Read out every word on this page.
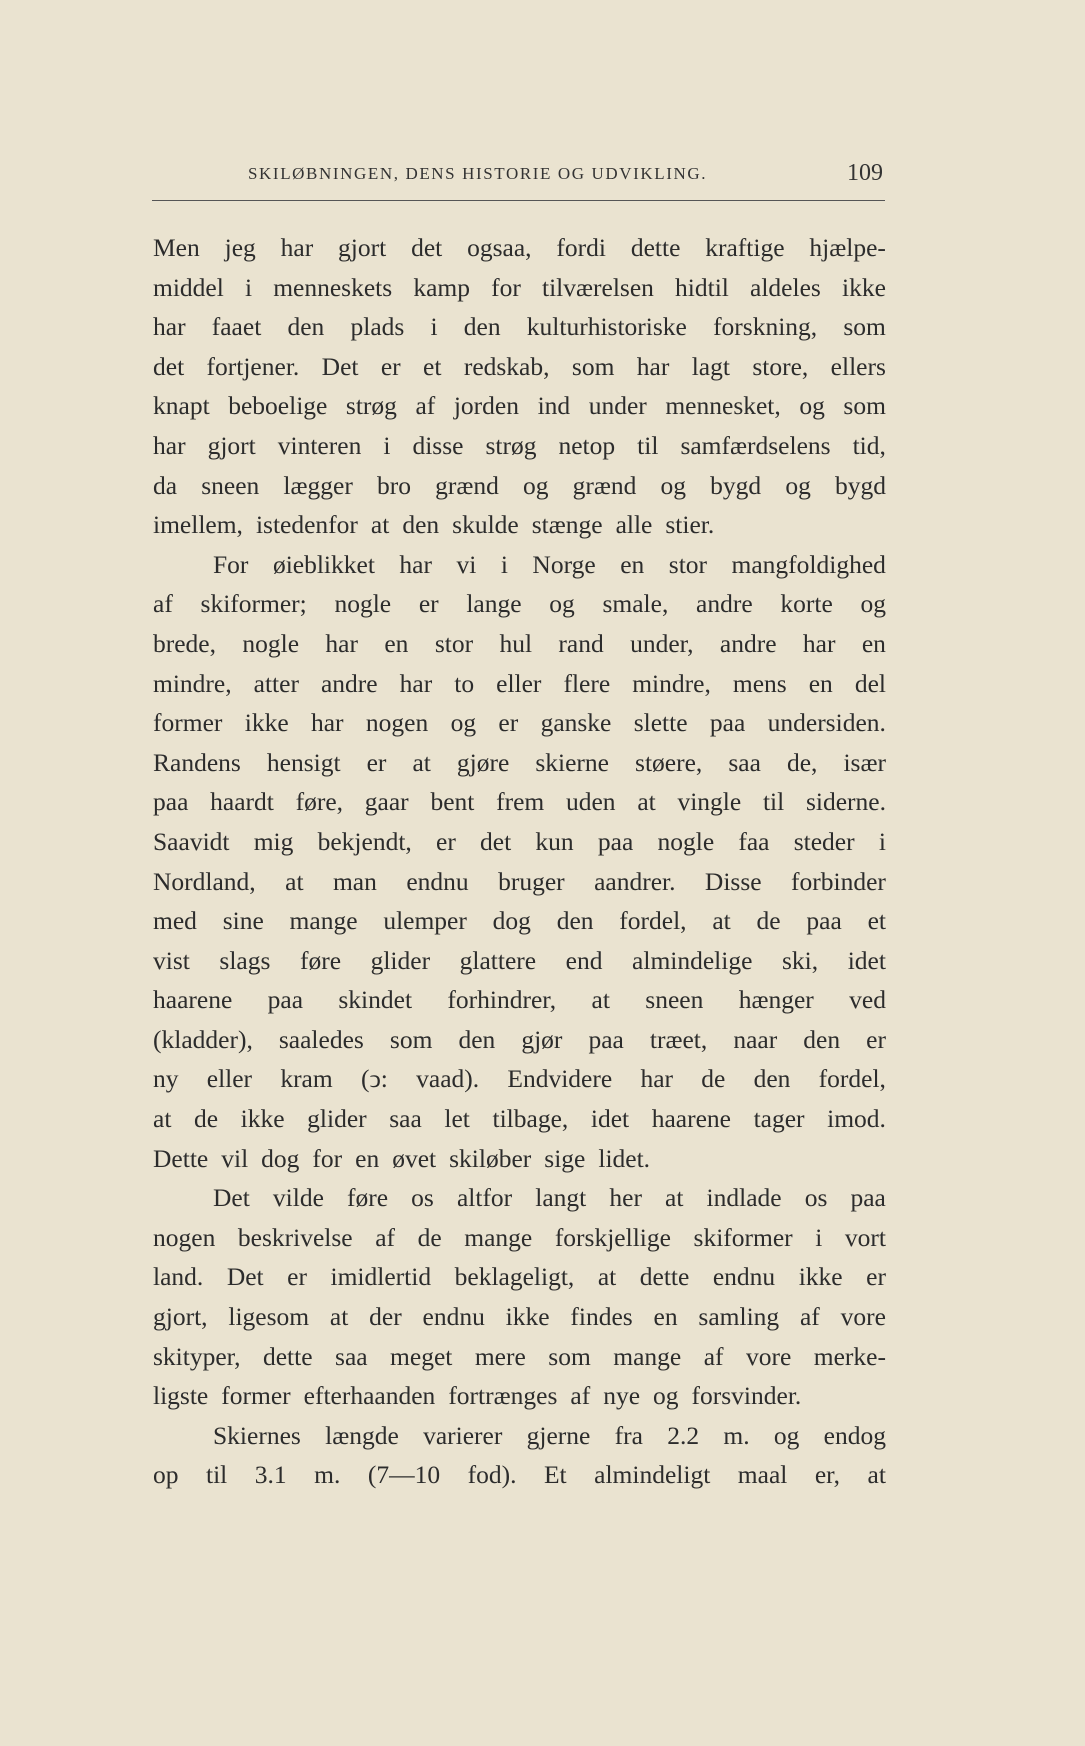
SKILØBNINGEN, DENS HISTORIE OG UDVIKLING.	109
Men jeg har gjort det ogsaa, fordi dette kraftige hjælpe-
middel i menneskets kamp for tilværelsen hidtil aldeles ikke
har faaet den plads i den kulturhistoriske forskning, som
det fortjener. Det er et redskab, som har lagt store, ellers
knapt beboelige strøg af jorden ind under mennesket, og som
har gjort vinteren i disse strøg netop til samfærdselens tid,
da sneen lægger bro grænd og grænd og bygd og bygd
imellem, istedenfor at den skulde stænge alle stier.
For øieblikket har vi i Norge en stor mangfoldighed
af skiformer; nogle er lange og smale, andre korte og
brede, nogle har en stor hul rand under, andre har en
mindre, atter andre har to eller flere mindre, mens en del
former ikke har nogen og er ganske slette paa undersiden.
Randens hensigt er at gjøre skierne støere, saa de, især
paa haardt føre, gaar bent frem uden at vingle til siderne.
Saavidt mig bekjendt, er det kun paa nogle faa steder i
Nordland, at man endnu bruger aandrer. Disse forbinder
med sine mange ulemper dog den fordel, at de paa et
vist slags føre glider glattere end almindelige ski, idet
haarene paa skindet forhindrer, at sneen hænger ved
(kladder), saaledes som den gjør paa træet, naar den er
ny eller kram (ↄ: vaad). Endvidere har de den fordel,
at de ikke glider saa let tilbage, idet haarene tager imod.
Dette vil dog for en øvet skiløber sige lidet.
Det vilde føre os altfor langt her at indlade os paa
nogen beskrivelse af de mange forskjellige skiformer i vort
land. Det er imidlertid beklageligt, at dette endnu ikke er
gjort, ligesom at der endnu ikke findes en samling af vore
skityper, dette saa meget mere som mange af vore merke-
ligste former efterhaanden fortrænges af nye og forsvinder.
Skiernes længde varierer gjerne fra 2.2 m. og endog
op til 3.1 m. (7—10 fod). Et almindeligt maal er, at
